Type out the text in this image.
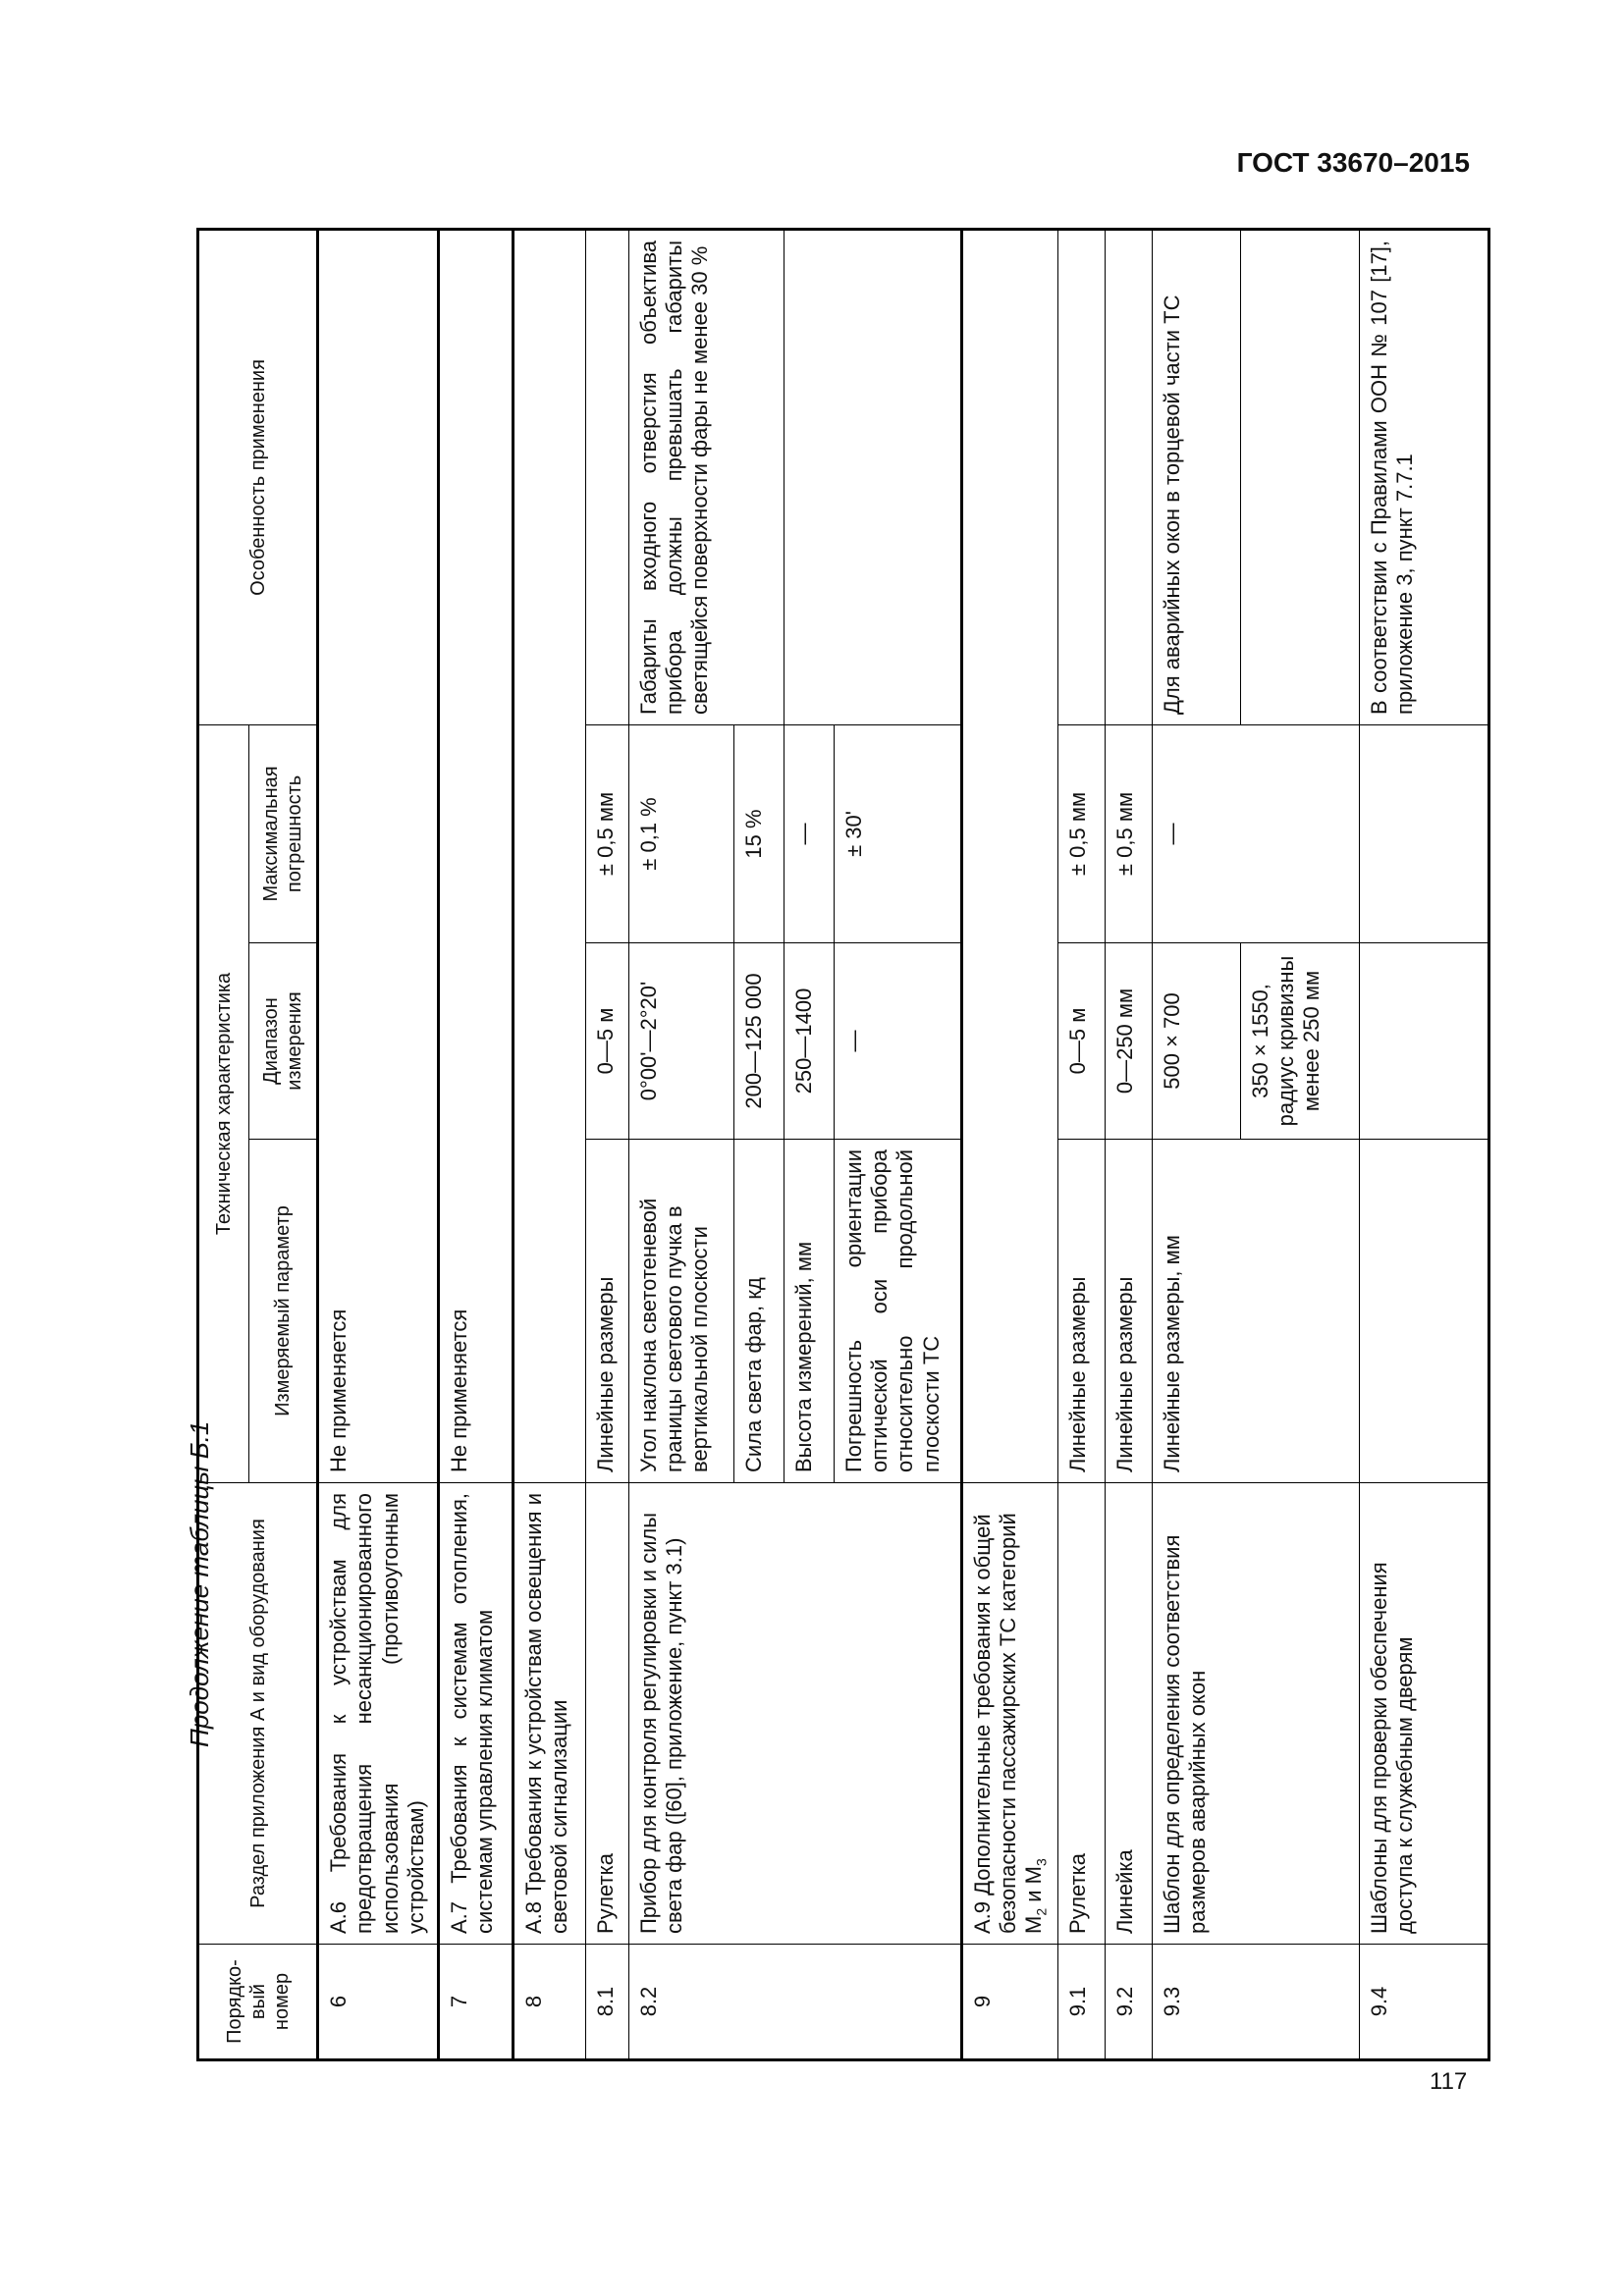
ГОСТ 33670–2015
Продолжение таблицы Б.1
117
Порядко-вый номер	Раздел приложения А и вид оборудования	Техническая характеристика			Особенность применения
		Измеряемый параметр	Диапазон измерения	Максимальная погрешность	
6	А.6 Требования к устройствам для предотвращения несанкционированного использования (противоугонным устройствам)	Не применяется			
7	А.7 Требования к системам отопления, системам управления климатом	Не применяется			
8	А.8 Требования к устройствам освещения и световой сигнализации				
8.1	Рулетка	Линейные размеры	0—5 м	± 0,5 мм	
8.2	Прибор для контроля регулировки и силы света фар ([60], приложение, пункт 3.1)	Угол наклона светотеневой границы светового пучка в вертикальной плоскости	0°00'—2°20'	± 0,1 %	Габариты входного отверстия объектива прибора должны превышать габариты светящейся поверхности фары не менее 30 %
		Сила света фар, кд	200—125 000	15 %	
		Высота измерений, мм	250—1400	—	
		Погрешность ориентации оптической оси прибора относительно продольной плоскости ТС	—	± 30'	
9	А.9 Дополнительные требования к общей безопасности пассажирских ТС категорий $М_2$ и $М_3$	
9.1	Рулетка	Линейные размеры	0—5 м	± 0,5 мм	
9.2	Линейка	Линейные размеры	0—250 мм	± 0,5 мм	
9.3	Шаблон для определения соответствия размеров аварийных окон	Линейные размеры, мм	500 × 700	—	Для аварийных окон в торцевой части ТС
			350 × 1550, радиус кривизны менее 250 мм		
9.4	Шаблоны для проверки обеспечения доступа к служебным дверям				В соответствии с Правилами ООН № 107 [17], приложение 3, пункт 7.7.1
